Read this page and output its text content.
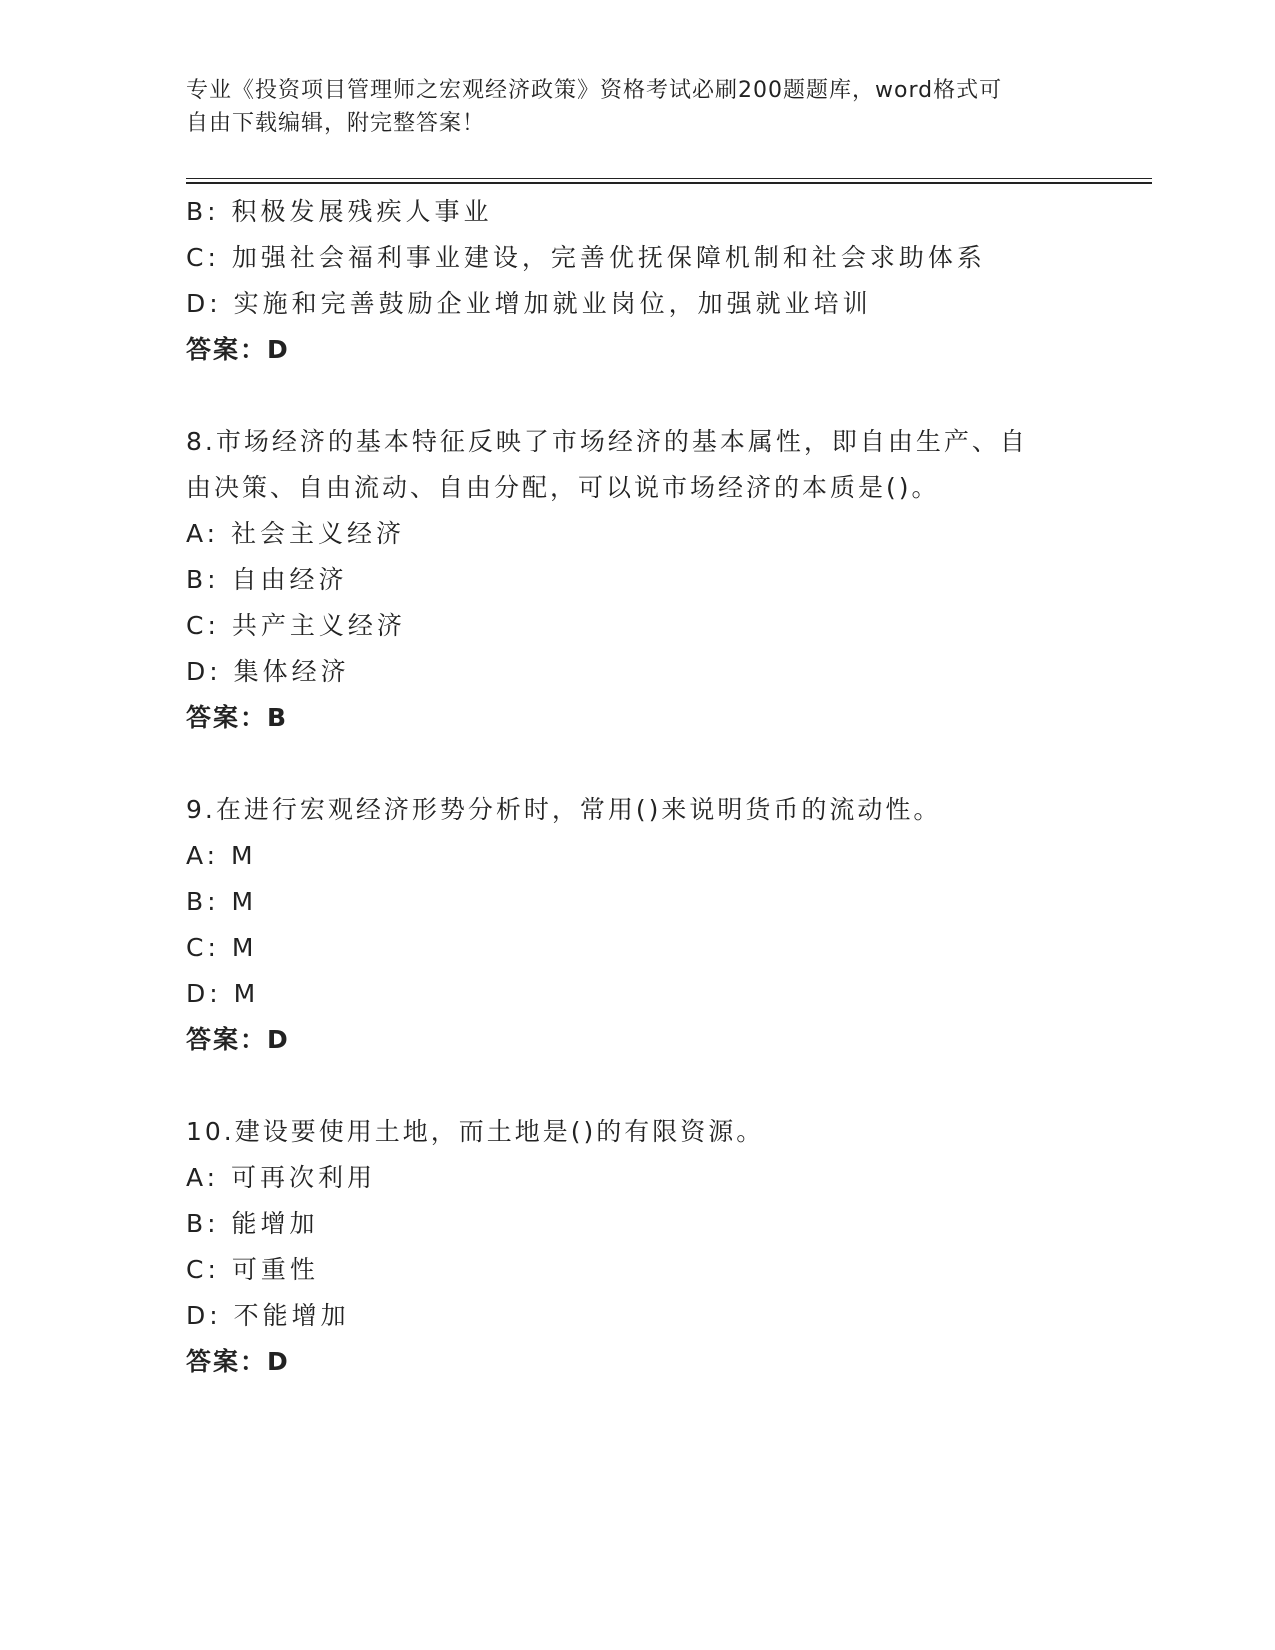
专业《投资项目管理师之宏观经济政策》资格考试必刷200题题库，word格式可
自由下载编辑，附完整答案！
B: 积极发展残疾人事业
C: 加强社会福利事业建设，完善优抚保障机制和社会求助体系
D: 实施和完善鼓励企业增加就业岗位，加强就业培训
答案：D
8.市场经济的基本特征反映了市场经济的基本属性，即自由生产、自
由决策、自由流动、自由分配，可以说市场经济的本质是()。
A: 社会主义经济
B: 自由经济
C: 共产主义经济
D: 集体经济
答案：B
9.在进行宏观经济形势分析时，常用()来说明货币的流动性。
A: M
B: M
C: M
D: M
答案：D
10.建设要使用土地，而土地是()的有限资源。
A: 可再次利用
B: 能增加
C: 可重性
D: 不能增加
答案：D
